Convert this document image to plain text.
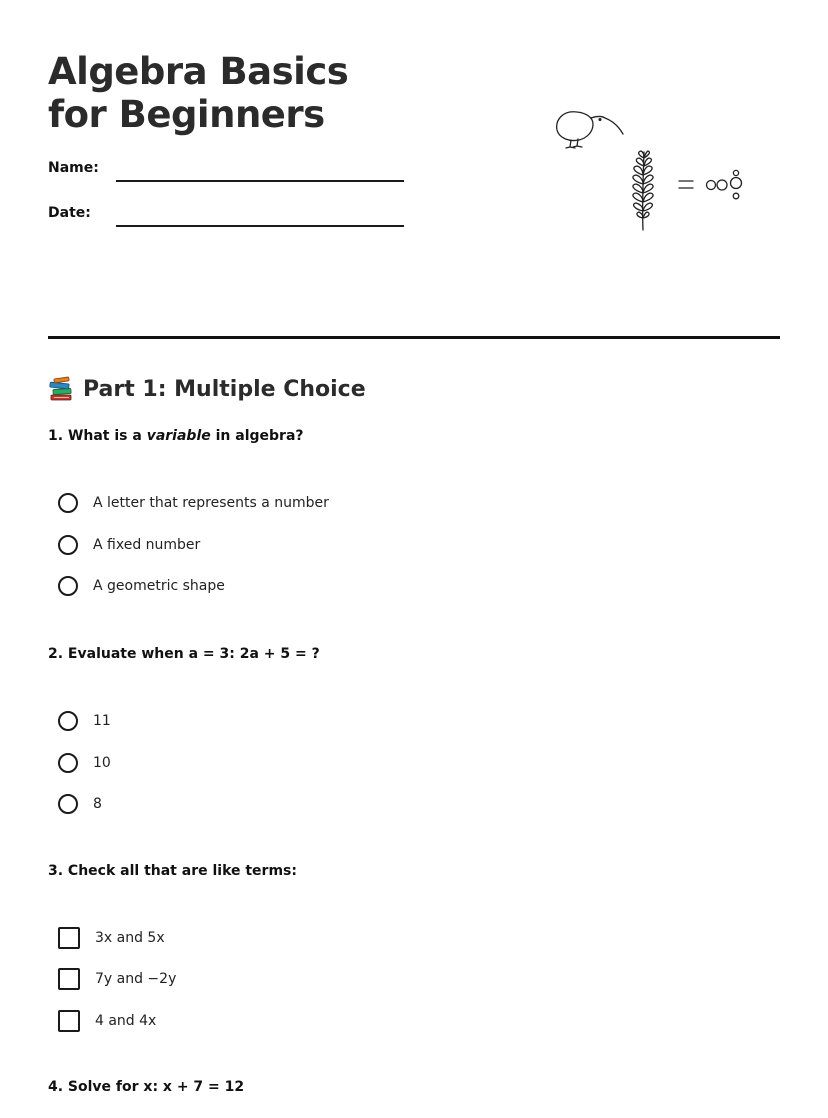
Algebra Basics for Beginners
Name:
Date:
Part 1: Multiple Choice

1. What is a variable in algebra?

A letter that represents a number
A fixed number
A geometric shape

2. Evaluate when a = 3: 2a + 5 = ?

11
10
8

3. Check all that are like terms:

3x and 5x
7y and −2y
4 and 4x

4. Solve for x: x + 7 = 12
